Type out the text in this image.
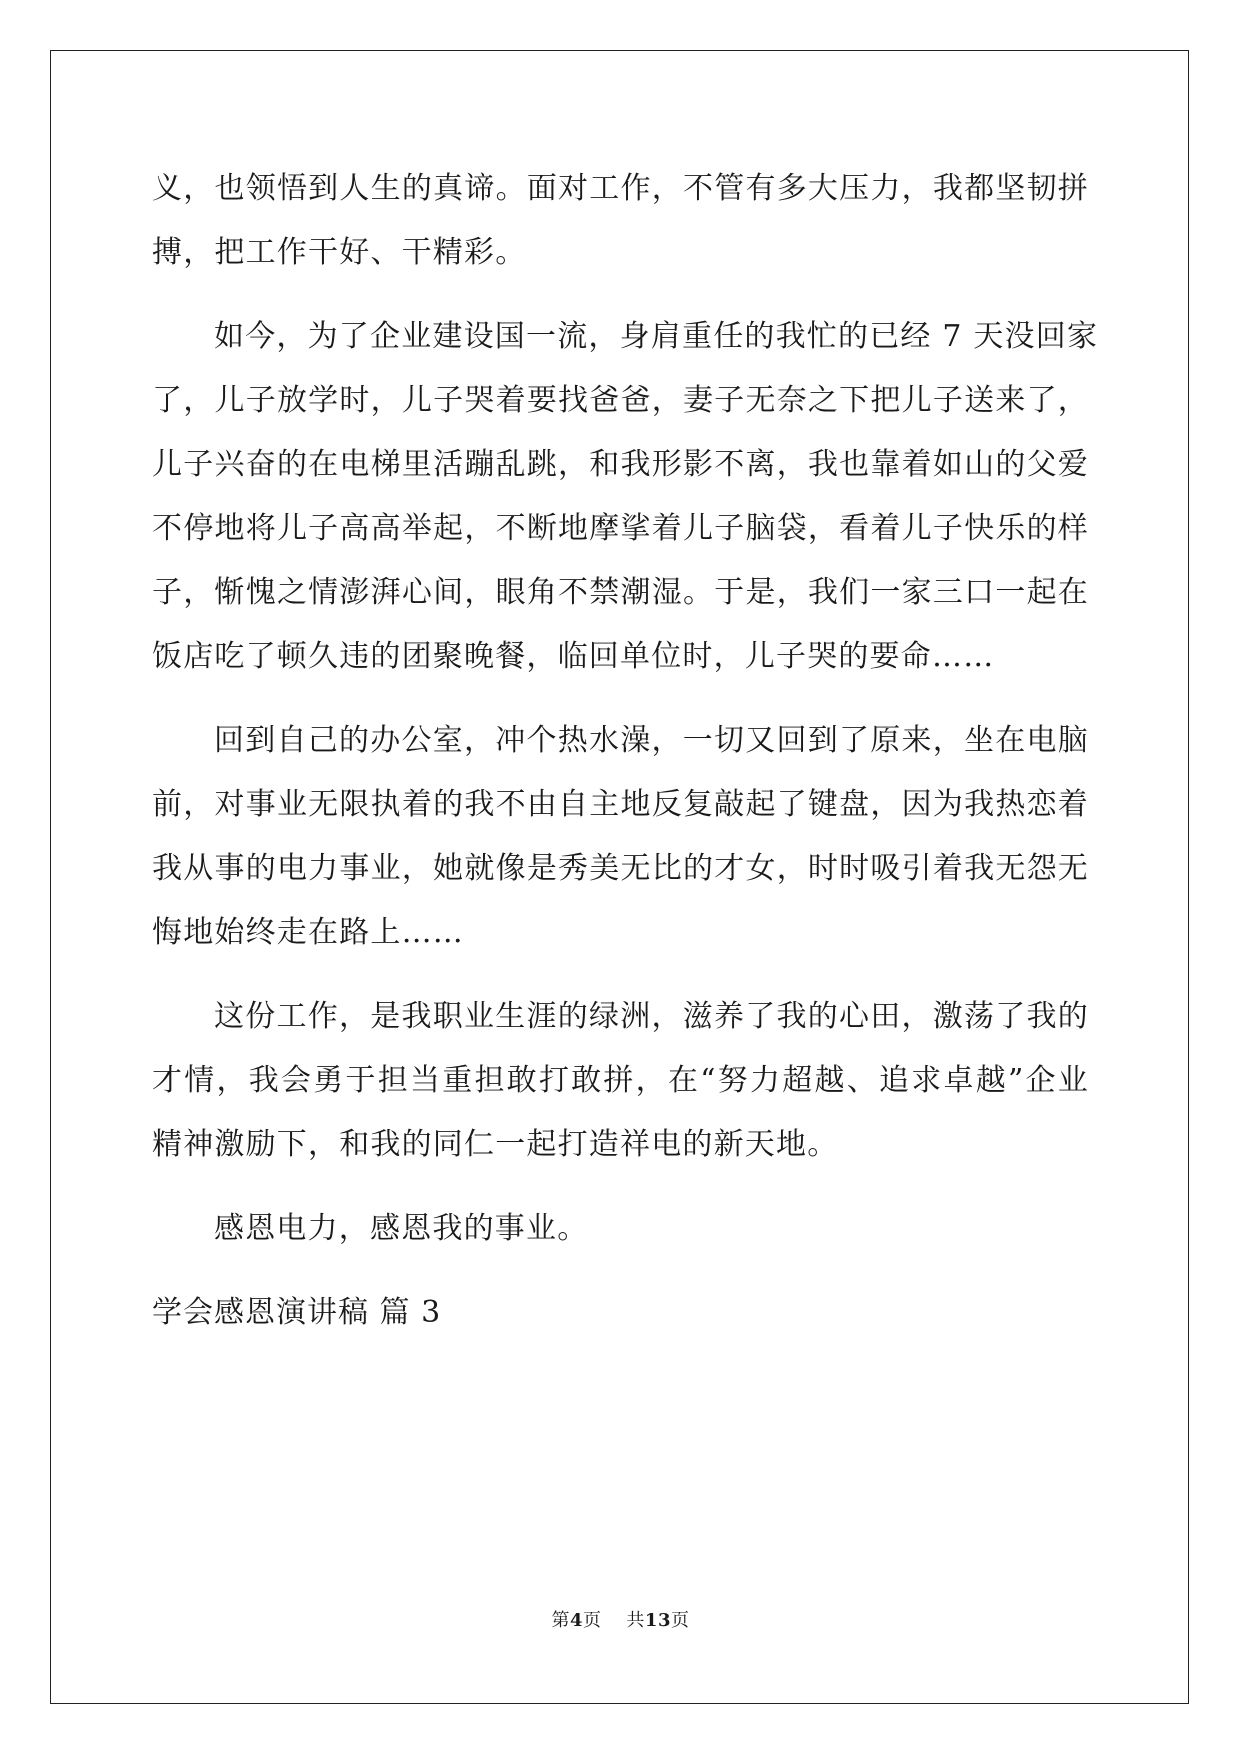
义，也领悟到人生的真谛。面对工作，不管有多大压力，我都坚韧拼
搏，把工作干好、干精彩。
如今，为了企业建设国一流，身肩重任的我忙的已经 7 天没回家
了，儿子放学时，儿子哭着要找爸爸，妻子无奈之下把儿子送来了，
儿子兴奋的在电梯里活蹦乱跳，和我形影不离，我也靠着如山的父爱
不停地将儿子高高举起，不断地摩挲着儿子脑袋，看着儿子快乐的样
子，惭愧之情澎湃心间，眼角不禁潮湿。于是，我们一家三口一起在
饭店吃了顿久违的团聚晚餐，临回单位时，儿子哭的要命……
回到自己的办公室，冲个热水澡，一切又回到了原来，坐在电脑
前，对事业无限执着的我不由自主地反复敲起了键盘，因为我热恋着
我从事的电力事业，她就像是秀美无比的才女，时时吸引着我无怨无
悔地始终走在路上……
这份工作，是我职业生涯的绿洲，滋养了我的心田，激荡了我的
才情，我会勇于担当重担敢打敢拼，在“努力超越、追求卓越”企业
精神激励下，和我的同仁一起打造祥电的新天地。
感恩电力，感恩我的事业。
学会感恩演讲稿 篇 3
第4页 共13页
